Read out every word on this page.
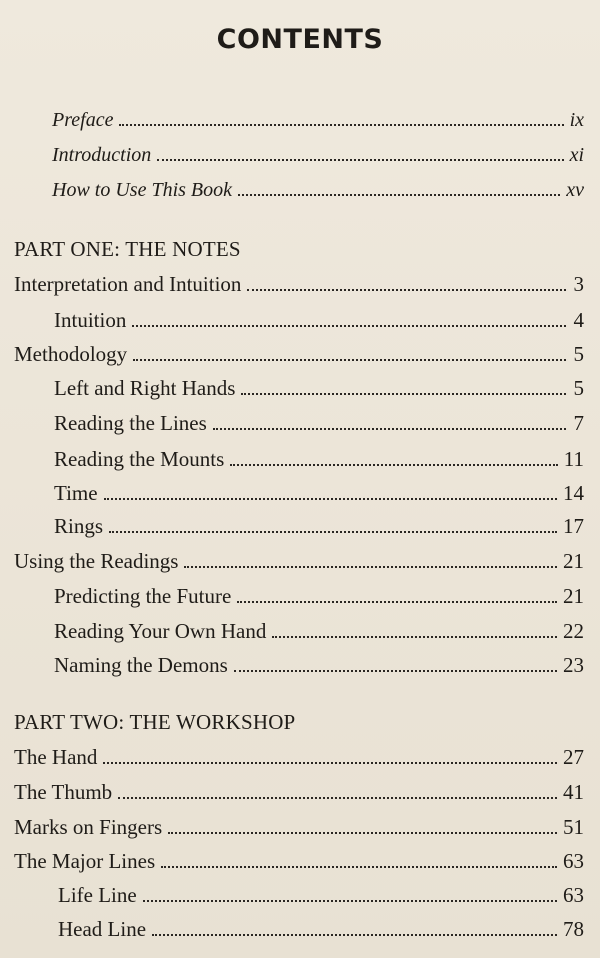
CONTENTS
Preface	ix
Introduction	xi
How to Use This Book	xv
PART ONE: THE NOTES
Interpretation and Intuition	3
Intuition	4
Methodology	5
Left and Right Hands	5
Reading the Lines	7
Reading the Mounts	11
Time	14
Rings	17
Using the Readings	21
Predicting the Future	21
Reading Your Own Hand	22
Naming the Demons	23
PART TWO: THE WORKSHOP
The Hand	27
The Thumb	41
Marks on Fingers	51
The Major Lines	63
Life Line	63
Head Line	78
